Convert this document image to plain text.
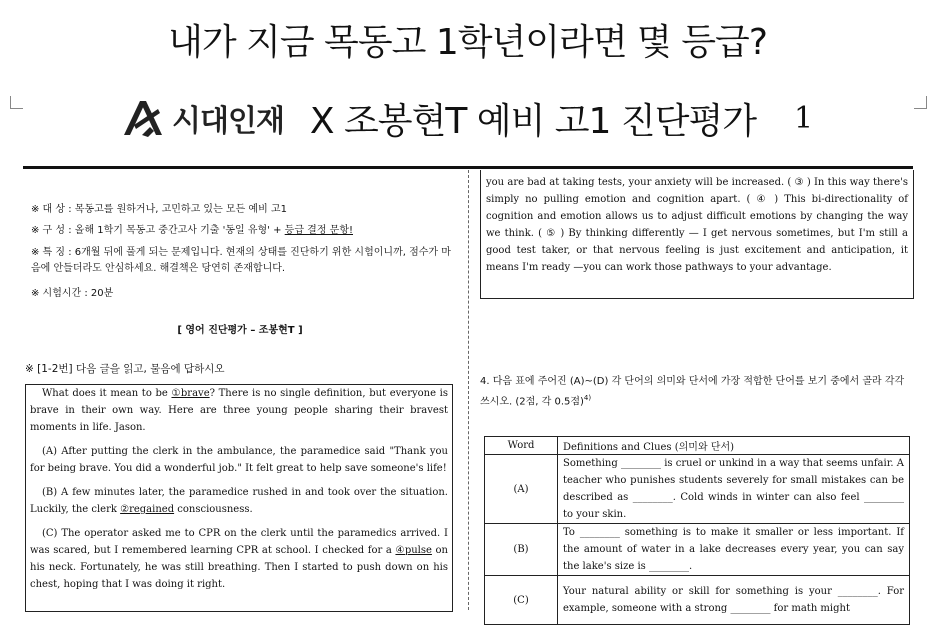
내가 지금 목동고 1학년이라면 몇 등급?
시대인재 X 조봉현T 예비 고1 진단평가 1
※ 대 상 : 목동고를 원하거나, 고민하고 있는 모든 예비 고1
※ 구 성 : 올해 1학기 목동고 중간고사 기출 '동일 유형' + 등급 결정 문항!
※ 특 징 : 6개월 뒤에 풀게 되는 문제입니다. 현재의 상태를 진단하기 위한 시험이니까, 점수가 마음에 안들더라도 안심하세요. 해결책은 당연히 존재합니다.
※ 시험시간 : 20분
[ 영어 진단평가 – 조봉현T ]
※ [1-2번] 다음 글을 읽고, 물음에 답하시오

What does it mean to be ①brave? There is no single definition, but everyone is brave in their own way. Here are three young people sharing their bravest moments in life. Jason.

(A) After putting the clerk in the ambulance, the paramedice said "Thank you for being brave. You did a wonderful job." It felt great to help save someone's life!

(B) A few minutes later, the paramedice rushed in and took over the situation. Luckily, the clerk ②regained consciousness.

(C) The operator asked me to CPR on the clerk until the paramedics arrived. I was scared, but I remembered learning CPR at school. I checked for a ④pulse on his neck. Fortunately, he was still breathing. Then I started to push down on his chest, hoping that I was doing it right.

you are bad at taking tests, your anxiety will be increased. ( ③ ) In this way there's simply no pulling emotion and cognition apart. ( ④ ) This bi-directionality of cognition and emotion allows us to adjust difficult emotions by changing the way we think. ( ⑤ ) By thinking differently — I get nervous sometimes, but I'm still a good test taker, or that nervous feeling is just excitement and anticipation, it means I'm ready —you can work those pathways to your advantage.

4. 다음 표에 주어진 (A)~(D) 각 단어의 의미와 단서에 가장 적합한 단어를 보기 중에서 골라 각각 쓰시오. (2점, 각 0.5점)$^{4)}$
Word	Definitions and Clues (의미와 단서)
(A)	Something ________ is cruel or unkind in a way that seems unfair. A teacher who punishes students severely for small mistakes can be described as ________. Cold winds in winter can also feel ________ to your skin.
(B)	To ________ something is to make it smaller or less important. If the amount of water in a lake decreases every year, you can say the lake's size is ________.
(C)	Your natural ability or skill for something is your ________. For example, someone with a strong ________ for math might
